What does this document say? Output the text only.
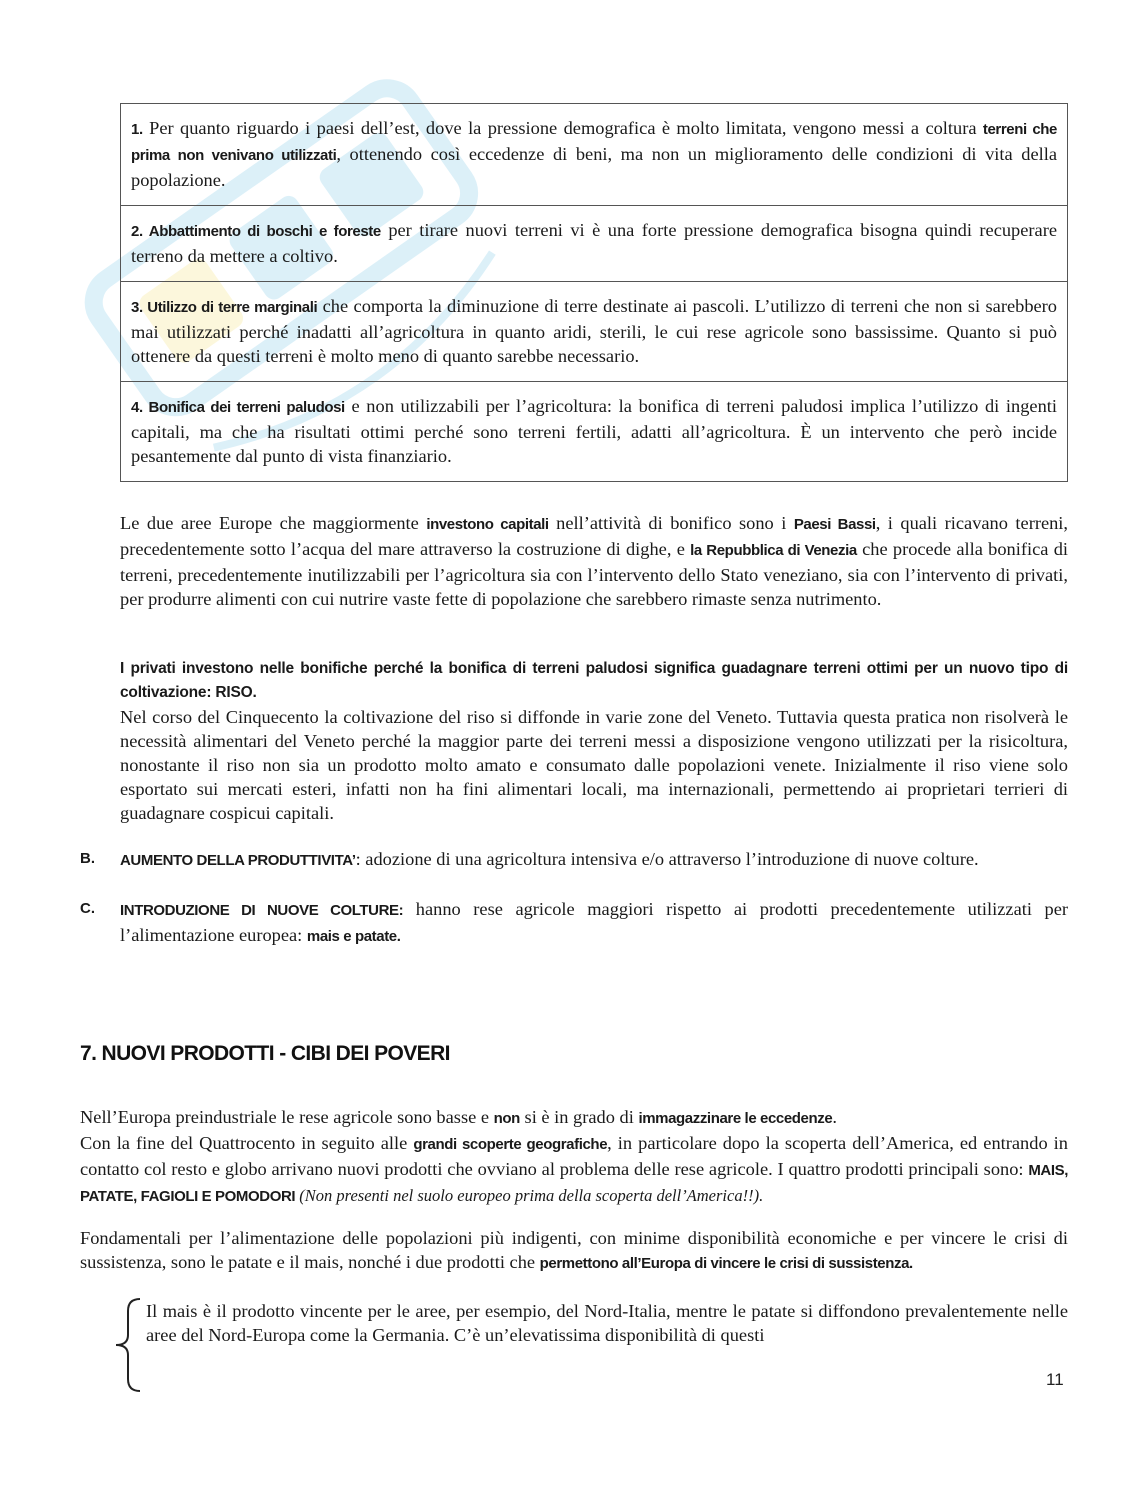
1. Per quanto riguardo i paesi dell’est, dove la pressione demografica è molto limitata, vengono messi a coltura terreni che prima non venivano utilizzati, ottenendo così eccedenze di beni, ma non un miglioramento delle condizioni di vita della popolazione.
2. Abbattimento di boschi e foreste per tirare nuovi terreni vi è una forte pressione demografica bisogna quindi recuperare terreno da mettere a coltivo.
3. Utilizzo di terre marginali che comporta la diminuzione di terre destinate ai pascoli. L’utilizzo di terreni che non si sarebbero mai utilizzati perché inadatti all’agricoltura in quanto aridi, sterili, le cui rese agricole sono bassissime. Quanto si può ottenere da questi terreni è molto meno di quanto sarebbe necessario.
4. Bonifica dei terreni paludosi e non utilizzabili per l’agricoltura: la bonifica di terreni paludosi implica l’utilizzo di ingenti capitali, ma che ha risultati ottimi perché sono terreni fertili, adatti all’agricoltura. È un intervento che però incide pesantemente dal punto di vista finanziario.
Le due aree Europe che maggiormente investono capitali nell’attività di bonifico sono i Paesi Bassi, i quali ricavano terreni, precedentemente sotto l’acqua del mare attraverso la costruzione di dighe, e la Repubblica di Venezia che procede alla bonifica di terreni, precedentemente inutilizzabili per l’agricoltura sia con l’intervento dello Stato veneziano, sia con l’intervento di privati, per produrre alimenti con cui nutrire vaste fette di popolazione che sarebbero rimaste senza nutrimento.
I privati investono nelle bonifiche perché la bonifica di terreni paludosi significa guadagnare terreni ottimi per un nuovo tipo di coltivazione: RISO.
Nel corso del Cinquecento la coltivazione del riso si diffonde in varie zone del Veneto. Tuttavia questa pratica non risolverà le necessità alimentari del Veneto perché la maggior parte dei terreni messi a disposizione vengono utilizzati per la risicoltura, nonostante il riso non sia un prodotto molto amato e consumato dalle popolazioni venete. Inizialmente il riso viene solo esportato sui mercati esteri, infatti non ha fini alimentari locali, ma internazionali, permettendo ai proprietari terrieri di guadagnare cospicui capitali.
B. AUMENTO DELLA PRODUTTIVITA’: adozione di una agricoltura intensiva e/o attraverso l’introduzione di nuove colture.
C. INTRODUZIONE DI NUOVE COLTURE: hanno rese agricole maggiori rispetto ai prodotti precedentemente utilizzati per l’alimentazione europea: mais e patate.
7. NUOVI PRODOTTI - CIBI DEI POVERI
Nell’Europa preindustriale le rese agricole sono basse e non si è in grado di immagazzinare le eccedenze.
Con la fine del Quattrocento in seguito alle grandi scoperte geografiche, in particolare dopo la scoperta dell’America, ed entrando in contatto col resto e globo arrivano nuovi prodotti che ovviano al problema delle rese agricole. I quattro prodotti principali sono: MAIS, PATATE, FAGIOLI E POMODORI (Non presenti nel suolo europeo prima della scoperta dell’America!!).
Fondamentali per l’alimentazione delle popolazioni più indigenti, con minime disponibilità economiche e per vincere le crisi di sussistenza, sono le patate e il mais, nonché i due prodotti che permettono all’Europa di vincere le crisi di sussistenza.
Il mais è il prodotto vincente per le aree, per esempio, del Nord-Italia, mentre le patate si diffondono prevalentemente nelle aree del Nord-Europa come la Germania. C’è un’elevatissima disponibilità di questi
11
